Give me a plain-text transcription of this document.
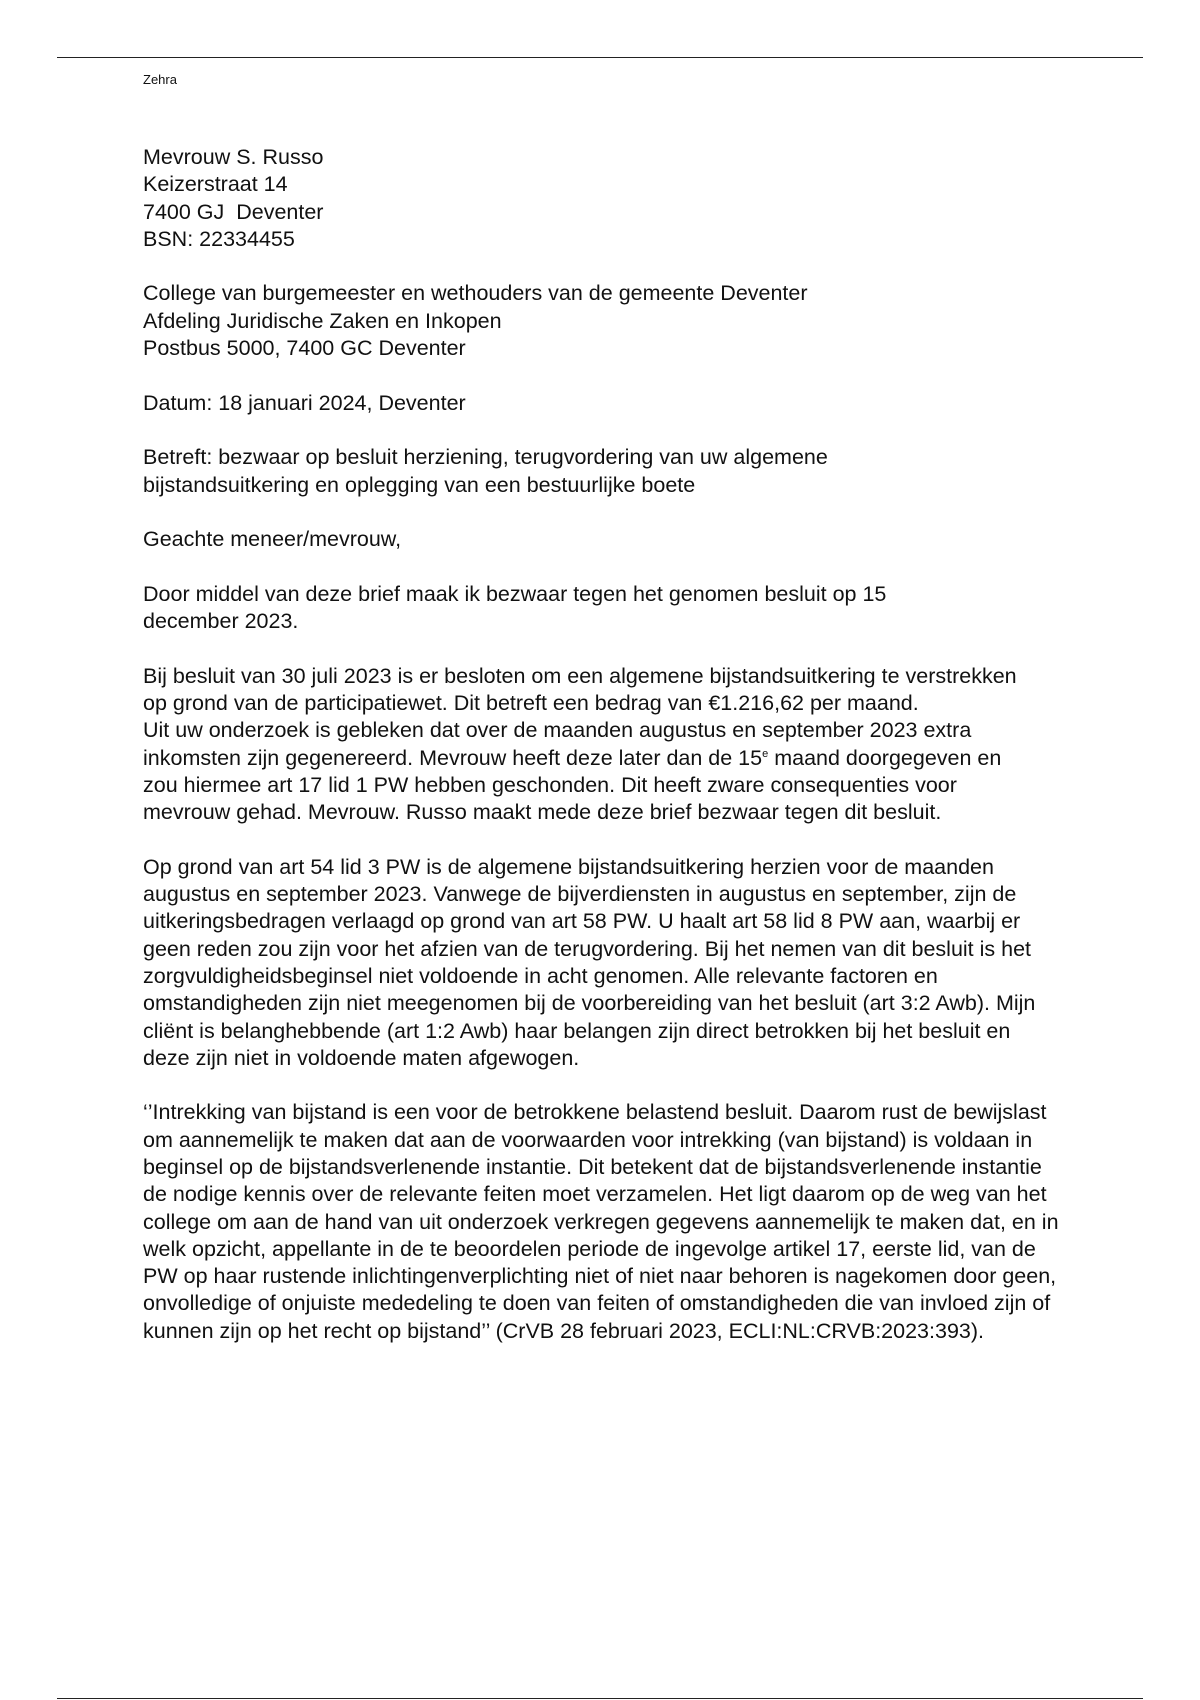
Zehra

Mevrouw S. Russo

Keizerstraat 14

7400 GJ  Deventer

BSN: 22334455

College van burgemeester en wethouders van de gemeente Deventer

Afdeling Juridische Zaken en Inkopen

Postbus 5000, 7400 GC Deventer

Datum: 18 januari 2024, Deventer

Betreft: bezwaar op besluit herziening, terugvordering van uw algemene bijstandsuitkering en oplegging van een bestuurlijke boete

Geachte meneer/mevrouw,

Door middel van deze brief maak ik bezwaar tegen het genomen besluit op 15 december 2023.

Bij besluit van 30 juli 2023 is er besloten om een algemene bijstandsuitkering te verstrekken op grond van de participatiewet. Dit betreft een bedrag van €1.216,62 per maand.

Uit uw onderzoek is gebleken dat over de maanden augustus en september 2023 extra inkomsten zijn gegenereerd. Mevrouw heeft deze later dan de 15e maand doorgegeven en zou hiermee art 17 lid 1 PW hebben geschonden. Dit heeft zware consequenties voor mevrouw gehad. Mevrouw. Russo maakt mede deze brief bezwaar tegen dit besluit.

Op grond van art 54 lid 3 PW is de algemene bijstandsuitkering herzien voor de maanden augustus en september 2023. Vanwege de bijverdiensten in augustus en september, zijn de uitkeringsbedragen verlaagd op grond van art 58 PW. U haalt art 58 lid 8 PW aan, waarbij er geen reden zou zijn voor het afzien van de terugvordering. Bij het nemen van dit besluit is het zorgvuldigheidsbeginsel niet voldoende in acht genomen. Alle relevante factoren en omstandigheden zijn niet meegenomen bij de voorbereiding van het besluit (art 3:2 Awb). Mijn cliënt is belanghebbende (art 1:2 Awb) haar belangen zijn direct betrokken bij het besluit en deze zijn niet in voldoende maten afgewogen.

‘’Intrekking van bijstand is een voor de betrokkene belastend besluit. Daarom rust de bewijslast om aannemelijk te maken dat aan de voorwaarden voor intrekking (van bijstand) is voldaan in beginsel op de bijstandsverlenende instantie. Dit betekent dat de bijstandsverlenende instantie de nodige kennis over de relevante feiten moet verzamelen. Het ligt daarom op de weg van het college om aan de hand van uit onderzoek verkregen gegevens aannemelijk te maken dat, en in welk opzicht, appellante in de te beoordelen periode de ingevolge artikel 17, eerste lid, van de PW op haar rustende inlichtingenverplichting niet of niet naar behoren is nagekomen door geen, onvolledige of onjuiste mededeling te doen van feiten of omstandigheden die van invloed zijn of kunnen zijn op het recht op bijstand’’ (CrVB 28 februari 2023, ECLI:NL:CRVB:2023:393).
